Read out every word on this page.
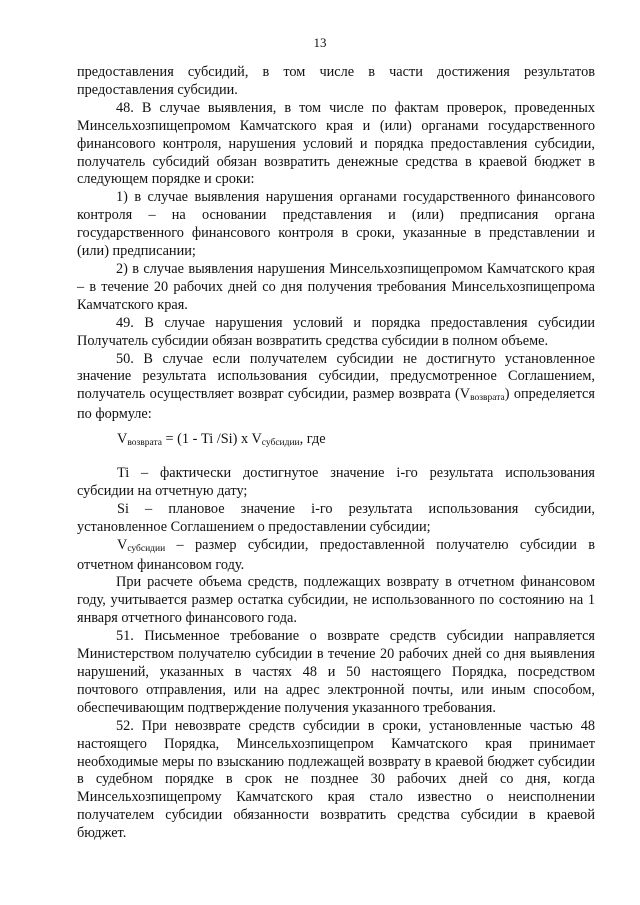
13

предоставления субсидий, в том числе в части достижения результатов предоставления субсидии.

48. В случае выявления, в том числе по фактам проверок, проведенных Минсельхозпищепромом Камчатского края и (или) органами государственного финансового контроля, нарушения условий и порядка предоставления субсидии, получатель субсидий обязан возвратить денежные средства в краевой бюджет в следующем порядке и сроки:

1) в случае выявления нарушения органами государственного финансового контроля – на основании представления и (или) предписания органа государственного финансового контроля в сроки, указанные в представлении и (или) предписании;

2) в случае выявления нарушения Минсельхозпищепромом Камчатского края – в течение 20 рабочих дней со дня получения требования Минсельхозпищепрома Камчатского края.

49. В случае нарушения условий и порядка предоставления субсидии Получатель субсидии обязан возвратить средства субсидии в полном объеме.

50. В случае если получателем субсидии не достигнуто установленное значение результата использования субсидии, предусмотренное Соглашением, получатель осуществляет возврат субсидии, размер возврата (Vвозврата) определяется по формуле:

Vвозврата = (1 - Ti /Si) x Vсубсидии, где

Ti – фактически достигнутое значение i-го результата использования субсидии на отчетную дату;

Si – плановое значение i-го результата использования субсидии, установленное Соглашением о предоставлении субсидии;

Vсубсидии – размер субсидии, предоставленной получателю субсидии в отчетном финансовом году.

При расчете объема средств, подлежащих возврату в отчетном финансовом году, учитывается размер остатка субсидии, не использованного по состоянию на 1 января отчетного финансового года.

51. Письменное требование о возврате средств субсидии направляется Министерством получателю субсидии в течение 20 рабочих дней со дня выявления нарушений, указанных в частях 48 и 50 настоящего Порядка, посредством почтового отправления, или на адрес электронной почты, или иным способом, обеспечивающим подтверждение получения указанного требования.

52. При невозврате средств субсидии в сроки, установленные частью 48 настоящего Порядка, Минсельхозпищепром Камчатского края принимает необходимые меры по взысканию подлежащей возврату в краевой бюджет субсидии в судебном порядке в срок не позднее 30 рабочих дней со дня, когда Минсельхозпищепрому Камчатского края стало известно о неисполнении получателем субсидии обязанности возвратить средства субсидии в краевой бюджет.
